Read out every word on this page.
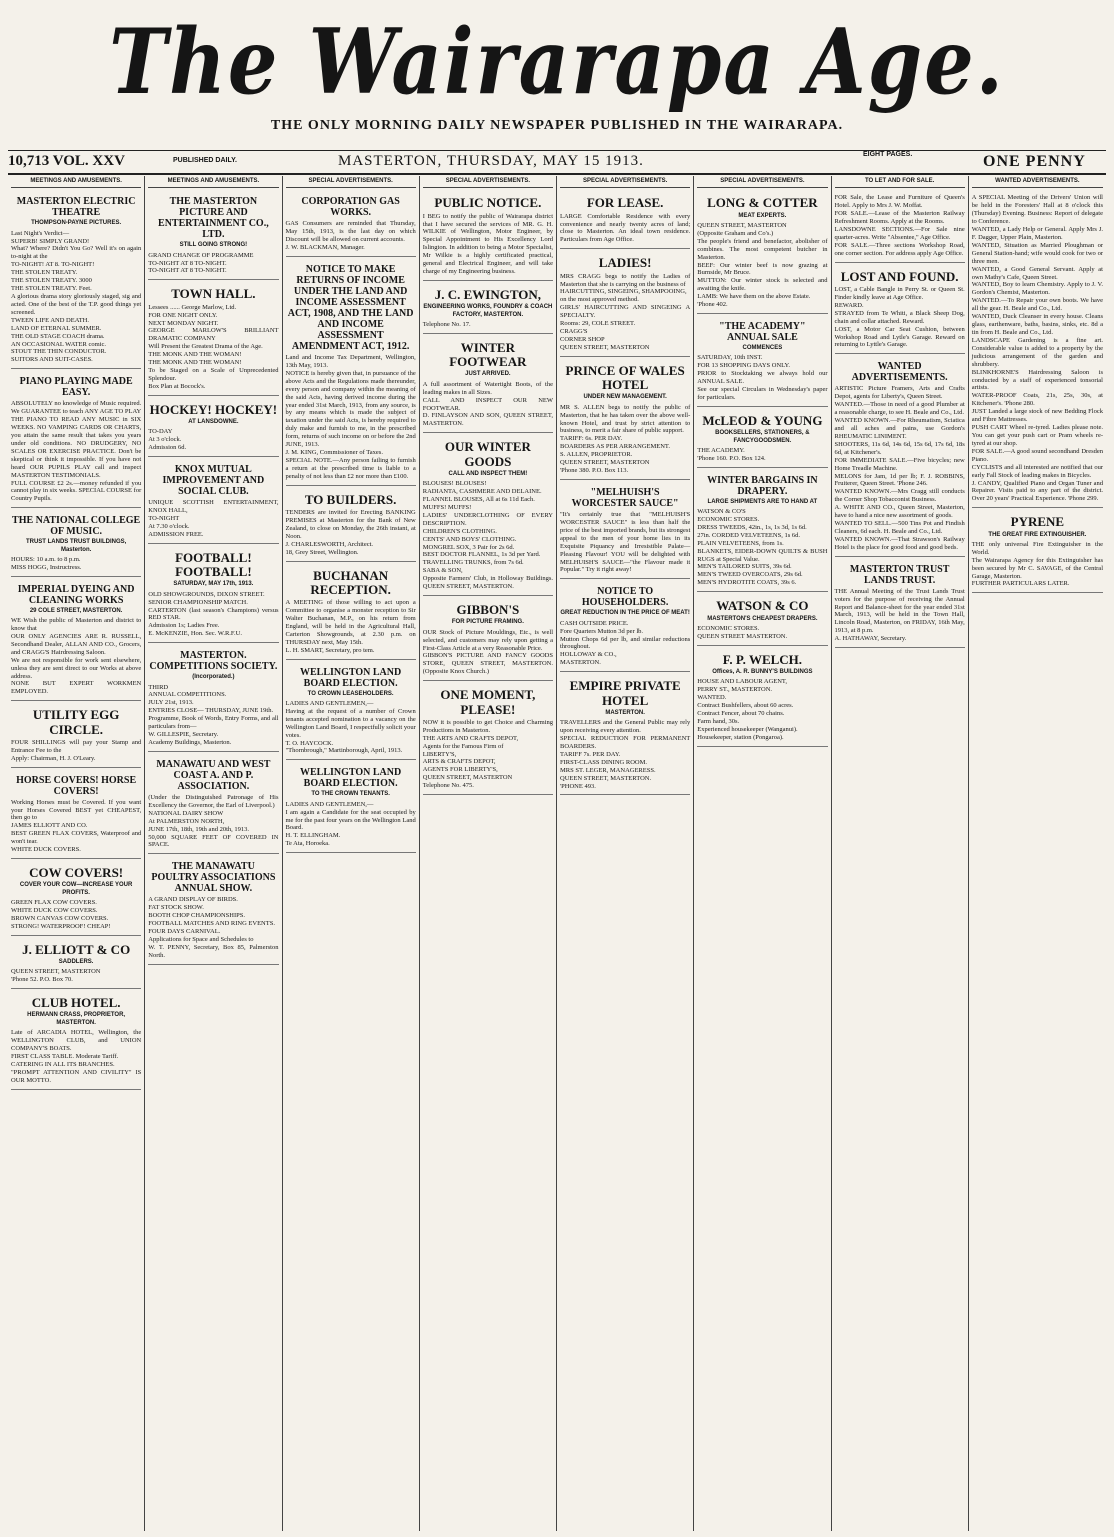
The Wairarapa Age.
THE ONLY MORNING DAILY NEWSPAPER PUBLISHED IN THE WAIRARAPA.
10,713 VOL. XXV	PUBLISHED DAILY.	MASTERTON, THURSDAY, MAY 15 1913.	EIGHT PAGES.	ONE PENNY
MEETINGS AND AMUSEMENTS.
MASTERTON ELECTRIC THEATRE
THOMPSON-PAYNE PICTURES.
Last Night's Verdict—
SUPERB! SIMPLY GRAND!
What? Where? Didn't You Go? Well it's on again to-night at the
TO-NIGHT! AT 8. TO-NIGHT!
THE STOLEN TREATY.
THE STOLEN TREATY. 3000
THE STOLEN TREATY. Feet.
A glorious drama story gloriously staged, sig and acted. One of the best of the T.P. good things yet screened.
TWEEN LIFE AND DEATH.
LAND OF ETERNAL SUMMER.
THE OLD STAGE COACH drama.
AN OCCASIONAL WATER comic.
STOUT THE THIN CONDUCTOR.
SUITORS AND SUIT-CASES.
PIANO PLAYING MADE EASY.
ABSOLUTELY no knowledge of Music required. We GUARANTEE to teach ANY AGE TO PLAY THE PIANO TO READ ANY MUSIC in SIX WEEKS. NO VAMPING CARDS OR CHARTS, you attain the same result that takes you years under old conditions. NO DRUDGERY, NO SCALES OR EXERCISE PRACTICE. Don't be skeptical or think it impossible. If you have not heard OUR PUPILS PLAY call and inspect MASTERTON TESTIMONIALS.
FULL COURSE £2 2s.—money refunded if you cannot play in six weeks. SPECIAL COURSE for Country Pupils.
THE NATIONAL COLLEGE OF MUSIC.
TRUST LANDS TRUST BUILDINGS, Masterton.
HOURS: 10 a.m. to 8 p.m.
MISS HOGG, Instructress.
IMPERIAL DYEING AND CLEANING WORKS
29 COLE STREET, MASTERTON.
WE Wish the public of Masterton and district to know that
OUR ONLY AGENCIES ARE R. RUSSELL, Secondhand Dealer, ALLAN AND CO., Grocers, and CRAGG'S Hairdressing Saloon.
We are not responsible for work sent elsewhere, unless they are sent direct to our Works at above address.
NONE BUT EXPERT WORKMEN EMPLOYED.
UTILITY EGG CIRCLE.
FOUR SHILLINGS will pay your Stamp and Entrance Fee to the
Apply: Chairman, H. J. O'Leary.
HORSE COVERS! HORSE COVERS!
Working Horses must be Covered. If you want your Horses Covered BEST yet CHEAPEST, then go to
JAMES ELLIOTT AND CO.
BEST GREEN FLAX COVERS, Waterproof and won't tear.
WHITE DUCK COVERS.
COW COVERS!
COVER YOUR COW—INCREASE YOUR PROFITS.
GREEN FLAX COW COVERS.
WHITE DUCK COW COVERS.
BROWN CANVAS COW COVERS.
STRONG! WATERPROOF! CHEAP!
J. ELLIOTT & CO
SADDLERS.
QUEEN STREET, MASTERTON
'Phone 52. P.O. Box 70.
CLUB HOTEL.
HERMANN CRASS, PROPRIETOR, MASTERTON.
Late of ARCADIA HOTEL, Wellington, the WELLINGTON CLUB, and UNION COMPANY'S BOATS.
FIRST CLASS TABLE. Moderate Tariff.
CATERING IN ALL ITS BRANCHES.
"PROMPT ATTENTION AND CIVILITY" IS OUR MOTTO.
MEETINGS AND AMUSEMENTS.
THE MASTERTON PICTURE AND ENTERTAINMENT CO., LTD.
STILL GOING STRONG!
GRAND CHANGE OF PROGRAMME
TO-NIGHT AT 8 TO-NIGHT.
TO-NIGHT AT 8 TO-NIGHT.
TOWN HALL.
Lessees ...... George Marlow, Ltd.
FOR ONE NIGHT ONLY.
NEXT MONDAY NIGHT.
GEORGE MARLOW'S BRILLIANT DRAMATIC COMPANY
Will Present the Greatest Drama of the Age.
THE MONK AND THE WOMAN!
THE MONK AND THE WOMAN!
To be Staged on a Scale of Unprecedented Splendour.
Box Plan at Bocock's.
HOCKEY! HOCKEY!
AT LANSDOWNE.
TO-DAY
At 3 o'clock.
Admission 6d.
KNOX MUTUAL IMPROVEMENT AND SOCIAL CLUB.
UNIQUE SCOTTISH ENTERTAINMENT, KNOX HALL,
TO-NIGHT
At 7.30 o'clock.
ADMISSION FREE.
FOOTBALL! FOOTBALL!
SATURDAY, MAY 17th, 1913.
OLD SHOWGROUNDS, DIXON STREET.
SENIOR CHAMPIONSHIP MATCH.
CARTERTON (last season's Champions) versus RED STAR.
Admission 1s; Ladies Free.
E. McKENZIE, Hon. Sec. W.R.F.U.
MASTERTON. COMPETITIONS SOCIETY.
(Incorporated.)
THIRD
ANNUAL COMPETITIONS.
JULY 21st, 1913.
ENTRIES CLOSE— THURSDAY, JUNE 19th.
Programme, Book of Words, Entry Forms, and all particulars from—
W. GILLESPIE, Secretary.
Academy Buildings, Masterton.
MANAWATU AND WEST COAST A. AND P. ASSOCIATION.
(Under the Distinguished Patronage of His Excellency the Governor, the Earl of Liverpool.)
NATIONAL DAIRY SHOW
At PALMERSTON NORTH,
JUNE 17th, 18th, 19th and 20th, 1913.
50,000 SQUARE FEET OF COVERED IN SPACE.
THE MANAWATU POULTRY ASSOCIATIONS ANNUAL SHOW.
A GRAND DISPLAY OF BIRDS.
FAT STOCK SHOW.
BOOTH CHOP CHAMPIONSHIPS.
FOOTBALL MATCHES AND RING EVENTS.
FOUR DAYS CARNIVAL.
Applications for Space and Schedules to
W. T. PENNY, Secretary, Box 85, Palmerston North.
SPECIAL ADVERTISEMENTS.
CORPORATION GAS WORKS.
GAS Consumers are reminded that Thursday, May 15th, 1913, is the last day on which Discount will be allowed on current accounts.
J. W. BLACKMAN, Manager.
NOTICE TO MAKE RETURNS OF INCOME UNDER THE LAND AND INCOME ASSESSMENT ACT, 1908, AND THE LAND AND INCOME ASSESSMENT AMENDMENT ACT, 1912.
Land and Income Tax Department, Wellington, 13th May, 1913.
NOTICE is hereby given that, in pursuance of the above Acts and the Regulations made thereunder, every person and company within the meaning of the said Acts, having derived income during the year ended 31st March, 1913, from any source, is by any means which is made the subject of taxation under the said Acts, is hereby required to duly make and furnish to me, in the prescribed form, returns of such income on or before the 2nd JUNE, 1913.
J. M. KING, Commissioner of Taxes.
SPECIAL NOTE.—Any person failing to furnish a return at the prescribed time is liable to a penalty of not less than £2 nor more than £100.
TO BUILDERS.
TENDERS are invited for Erecting BANKING PREMISES at Masterton for the Bank of New Zealand, to close on Monday, the 26th instant, at Noon.
J. CHARLESWORTH, Architect.
18, Grey Street, Wellington.
BUCHANAN RECEPTION.
A MEETING of those willing to act upon a Committee to organise a monster reception to Sir Walter Buchanan, M.P., on his return from England, will be held in the Agricultural Hall, Carterton Showgrounds, at 2.30 p.m. on THURSDAY next, May 15th.
L. H. SMART, Secretary, pro tem.
WELLINGTON LAND BOARD ELECTION.
TO CROWN LEASEHOLDERS.
LADIES AND GENTLEMEN,—
Having at the request of a number of Crown tenants accepted nomination to a vacancy on the Wellington Land Board, I respectfully solicit your votes.
T. O. HAYCOCK.
"Thornbrough," Martinborough, April, 1913.
WELLINGTON LAND BOARD ELECTION.
TO THE CROWN TENANTS.
LADIES AND GENTLEMEN,—
I am again a Candidate for the seat occupied by me for the past four years on the Wellington Land Board.
H. T. ELLINGHAM.
Te Ata, Horoeka.
SPECIAL ADVERTISEMENTS.
PUBLIC NOTICE.
I BEG to notify the public of Wairarapa district that I have secured the services of MR. G. H. WILKIE of Wellington, Motor Engineer, by Special Appointment to His Excellency Lord Islington. In addition to being a Motor Specialist, Mr Wilkie is a highly certificated practical, general and Electrical Engineer, and will take charge of my Engineering business.
J. C. EWINGTON,
ENGINEERING WORKS, FOUNDRY & COACH FACTORY, MASTERTON.
Telephone No. 17.
WINTER FOOTWEAR
JUST ARRIVED.
A full assortment of Watertight Boots, of the leading makes in all Sizes.
CALL AND INSPECT OUR NEW FOOTWEAR.
D. FINLAYSON AND SON, QUEEN STREET, MASTERTON.
OUR WINTER GOODS
CALL AND INSPECT THEM!
BLOUSES! BLOUSES!
RADIANTA, CASHMERE AND DELAINE.
FLANNEL BLOUSES, All at 6s 11d Each.
MUFFS! MUFFS!
LADIES' UNDERCLOTHING OF EVERY DESCRIPTION.
CHILDREN'S CLOTHING.
CENTS' AND BOYS' CLOTHING.
MONGREL SOX, 3 Pair for 2s 6d.
BEST DOCTOR FLANNEL, 1s 3d per Yard.
TRAVELLING TRUNKS, from 7s 6d.
SABA & SON,
Opposite Farmers' Club, in Holloway Buildings. QUEEN STREET, MASTERTON.
GIBBON'S
FOR PICTURE FRAMING.
OUR Stock of Picture Mouldings, Etc., is well selected, and customers may rely upon getting a First-Class Article at a very Reasonable Price.
GIBBON'S PICTURE AND FANCY GOODS STORE, QUEEN STREET, MASTERTON. (Opposite Knox Church.)
ONE MOMENT, PLEASE!
NOW it is possible to get Choice and Charming Productions in Masterton.
THE ARTS AND CRAFTS DEPOT,
Agents for the Famous Firm of
LIBERTY'S,
ARTS & CRAFTS DEPOT,
AGENTS FOR LIBERTY'S,
QUEEN STREET, MASTERTON
Telephone No. 475.
SPECIAL ADVERTISEMENTS.
FOR LEASE.
LARGE Comfortable Residence with every convenience and nearly twenty acres of land; close to Masterton. An ideal town residence. Particulars from Age Office.
LADIES!
MRS CRAGG begs to notify the Ladies of Masterton that she is carrying on the business of
HAIRCUTTING, SINGEING, SHAMPOOING,
on the most approved method.
GIRLS' HAIRCUTTING AND SINGEING A SPECIALTY.
Rooms: 29, COLE STREET.
CRAGG'S
CORNER SHOP
QUEEN STREET, MASTERTON
PRINCE OF WALES HOTEL
UNDER NEW MANAGEMENT.
MR S. ALLEN begs to notify the public of Masterton, that he has taken over the above well-known Hotel, and trust by strict attention to business, to merit a fair share of public support.
TARIFF: 6s. PER DAY.
BOARDERS AS PER ARRANGEMENT.
S. ALLEN, PROPRIETOR.
QUEEN STREET, MASTERTON
'Phone 380. P.O. Box 113.
"MELHUISH'S WORCESTER SAUCE"
"It's certainly true that "MELHUISH'S WORCESTER SAUCE" is less than half the price of the best imported brands, but its strongest appeal to the men of your home lies in its Exquisite Piquancy and Irresistible Palate— Pleasing Flavour! YOU will be delighted with MELHUISH'S SAUCE—"the Flavour made it Popular." Try it right away!
NOTICE TO HOUSEHOLDERS.
GREAT REDUCTION IN THE PRICE OF MEAT!
CASH OUTSIDE PRICE.
Fore Quarters Mutton 3d per lb.
Mutton Chops 6d per lb, and similar reductions throughout.
HOLLOWAY & CO.,
MASTERTON.
EMPIRE PRIVATE HOTEL
MASTERTON.
TRAVELLERS and the General Public may rely upon receiving every attention.
SPECIAL REDUCTION FOR PERMANENT BOARDERS.
TARIFF 7s. PER DAY.
FIRST-CLASS DINING ROOM.
MRS ST. LEGER, MANAGERESS.
QUEEN STREET, MASTERTON.
'PHONE 493.
SPECIAL ADVERTISEMENTS.
LONG & COTTER
MEAT EXPERTS.
QUEEN STREET, MASTERTON
(Opposite Graham and Co's.)
The people's friend and benefactor, abolisher of combines. The most competent butcher in Masterton.
BEEF: Our winter beef is now grazing at Burnside, Mr Bruce.
MUTTON: Our winter stock is selected and awaiting the knife.
LAMB: We have them on the above Estate.
'Phone 402.
"THE ACADEMY" ANNUAL SALE
COMMENCES
SATURDAY, 10th INST.
FOR 13 SHOPPING DAYS ONLY.
PRIOR to Stocktaking we always hold our ANNUAL SALE.
See our special Circulars in Wednesday's paper for particulars.
McLEOD & YOUNG
BOOKSELLERS, STATIONERS, & FANCYGOODSMEN.
THE ACADEMY.
'Phone 160. P.O. Box 124.
WINTER BARGAINS IN DRAPERY.
LARGE SHIPMENTS ARE TO HAND AT
WATSON & CO'S
ECONOMIC STORES.
DRESS TWEEDS, 42in., 1s, 1s 3d, 1s 6d.
27in. CORDED VELVETEENS, 1s 6d.
PLAIN VELVETEENS, from 1s.
BLANKETS, EIDER-DOWN QUILTS & BUSH RUGS at Special Value.
MEN'S TAILORED SUITS, 39s 6d.
MEN'S TWEED OVERCOATS, 29s 6d.
MEN'S HYDROTITE COATS, 39s 6.
WATSON & CO
MASTERTON'S CHEAPEST DRAPERS.
ECONOMIC STORES.
QUEEN STREET MASTERTON.
F. P. WELCH.
Offices, A. R. BUNNY'S BUILDINGS
HOUSE AND LABOUR AGENT,
PERRY ST., MASTERTON.
WANTED.
Contract Bushfellers, about 60 acres.
Contract Fencer, about 70 chains.
Farm hand, 30s.
Experienced housekeeper (Wanganui).
Housekeeper, station (Pongaroa).
TO LET AND FOR SALE.
FOR Sale, the Lease and Furniture of Queen's Hotel. Apply to Mrs J. W. Moffat.
FOR SALE.—Lease of the Masterton Railway Refreshment Rooms. Apply at the Rooms.
LANSDOWNE SECTIONS.—For Sale nine quarter-acres. Write "Absentee," Age Office.
FOR SALE.—Three sections Workshop Road, one corner section. For address apply Age Office.
LOST AND FOUND.
LOST, a Cable Bangle in Perry St. or Queen St. Finder kindly leave at Age Office.
REWARD.
STRAYED from Te Whiti, a Black Sheep Dog, chain and collar attached. Reward.
LOST, a Motor Car Seat Cushion, between Workshop Road and Lytle's Garage. Reward on returning to Lyttle's Garage.
WANTED ADVERTISEMENTS.
ARTISTIC Picture Framers, Arts and Crafts Depot, agents for Liberty's, Queen Street.
WANTED.—Those in need of a good Plumber at a reasonable charge, to see H. Beale and Co., Ltd.
WANTED KNOWN.—For Rheumatism, Sciatica and all aches and pains, use Gordon's RHEUMATIC LINIMENT.
SHOOTERS, 11s 6d, 14s 6d, 15s 6d, 17s 6d, 18s 6d, at Kitchener's.
FOR IMMEDIATE SALE.—Five bicycles; new Home Treadle Machine.
MELONS for Jam, 1d per lb; F. J. ROBBINS, Fruiterer, Queen Street. 'Phone 246.
WANTED KNOWN.—Mrs Cragg still conducts the Corner Shop Tobacconist Business.
A. WHITE AND CO., Queen Street, Masterton, have to hand a nice new assortment of goods.
WANTED TO SELL.—500 Tins Pot and Findish Cleaners, 6d each. H. Beale and Co., Ltd.
WANTED KNOWN.—That Strawson's Railway Hotel is the place for good food and good beds.
MASTERTON TRUST LANDS TRUST.
THE Annual Meeting of the Trust Lands Trust voters for the purpose of receiving the Annual Report and Balance-sheet for the year ended 31st March, 1913, will be held in the Town Hall, Lincoln Road, Masterton, on FRIDAY, 16th May, 1913, at 8 p.m.
A. HATHAWAY, Secretary.
WANTED ADVERTISEMENTS.
A SPECIAL Meeting of the Drivers' Union will be held in the Foresters' Hall at 8 o'clock this (Thursday) Evening. Business: Report of delegate to Conference.
WANTED, a Lady Help or General. Apply Mrs J. F. Dagger, Upper Plain, Masterton.
WANTED, Situation as Married Ploughman or General Station-hand; wife would cook for two or three men.
WANTED, a Good General Servant. Apply at own Mathy's Cafe, Queen Street.
WANTED, Boy to learn Chemistry. Apply to J. V. Gordon's Chemist, Masterton.
WANTED.—To Repair your own boots. We have all the gear. H. Beale and Co., Ltd.
WANTED, Duck Cleanser in every house. Cleans glass, earthenware, baths, basins, sinks, etc. 8d a tin from H. Beale and Co., Ltd.
LANDSCAPE Gardening is a fine art. Considerable value is added to a property by the judicious arrangement of the garden and shrubbery.
BLINKHORNE'S Hairdressing Saloon is conducted by a staff of experienced tonsorial artists.
WATER-PROOF Coats, 21s, 25s, 30s, at Kitchener's. 'Phone 280.
JUST Landed a large stock of new Bedding Flock and Fibre Mattresses.
PUSH CART Wheel re-tyred. Ladies please note. You can get your push cart or Pram wheels re-tyred at our shop.
FOR SALE.—A good sound secondhand Dresden Piano.
CYCLISTS and all interested are notified that our early Fall Stock of leading makes in Bicycles.
J. CANDY, Qualified Piano and Organ Tuner and Repairer. Visits paid to any part of the district. Over 20 years' Practical Experience. 'Phone 299.
PYRENE
THE GREAT FIRE EXTINGUISHER.
THE only universal Fire Extinguisher in the World.
The Wairarapa Agency for this Extinguisher has been secured by Mr C. SAVAGE, of the Central Garage, Masterton.
FURTHER PARTICULARS LATER.
